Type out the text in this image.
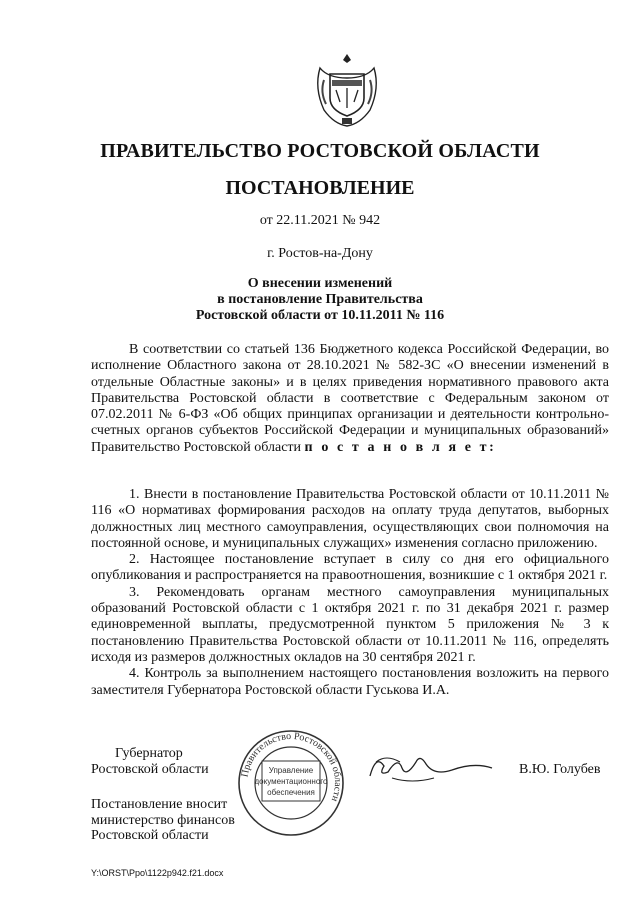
ПРАВИТЕЛЬСТВО РОСТОВСКОЙ ОБЛАСТИ
ПОСТАНОВЛЕНИЕ
от 22.11.2021 № 942
г. Ростов-на-Дону
О внесении изменений
в постановление Правительства
Ростовской области от 10.11.2011 № 116
В соответствии со статьей 136 Бюджетного кодекса Российской Федерации, во исполнение Областного закона от 28.10.2021 № 582-ЗС «О внесении изменений в отдельные Областные законы» и в целях приведения нормативного правового акта Правительства Ростовской области в соответствие с Федеральным законом от 07.02.2011 № 6-ФЗ «Об общих принципах организации и деятельности контрольно-счетных органов субъектов Российской Федерации и муниципальных образований» Правительство Ростовской области п о с т а н о в л я е т:

1. Внести в постановление Правительства Ростовской области от 10.11.2011 № 116 «О нормативах формирования расходов на оплату труда депутатов, выборных должностных лиц местного самоуправления, осуществляющих свои полномочия на постоянной основе, и муниципальных служащих» изменения согласно приложению.

2. Настоящее постановление вступает в силу со дня его официального опубликования и распространяется на правоотношения, возникшие с 1 октября 2021 г.

3. Рекомендовать органам местного самоуправления муниципальных образований Ростовской области с 1 октября 2021 г. по 31 декабря 2021 г. размер единовременной выплаты, предусмотренной пунктом 5 приложения № 3 к постановлению Правительства Ростовской области от 10.11.2011 № 116, определять исходя из размеров должностных окладов на 30 сентября 2021 г.

4. Контроль за выполнением настоящего постановления возложить на первого заместителя Губернатора Ростовской области Гуськова И.А.

Губернатор
Ростовской области	Правительство Ростовской области
Управление
документационного
обеспечения
В.Ю. Голубев
Постановление вносит
министерство финансов
Ростовской области
Y:\ORST\Ppo\1122p942.f21.docx
